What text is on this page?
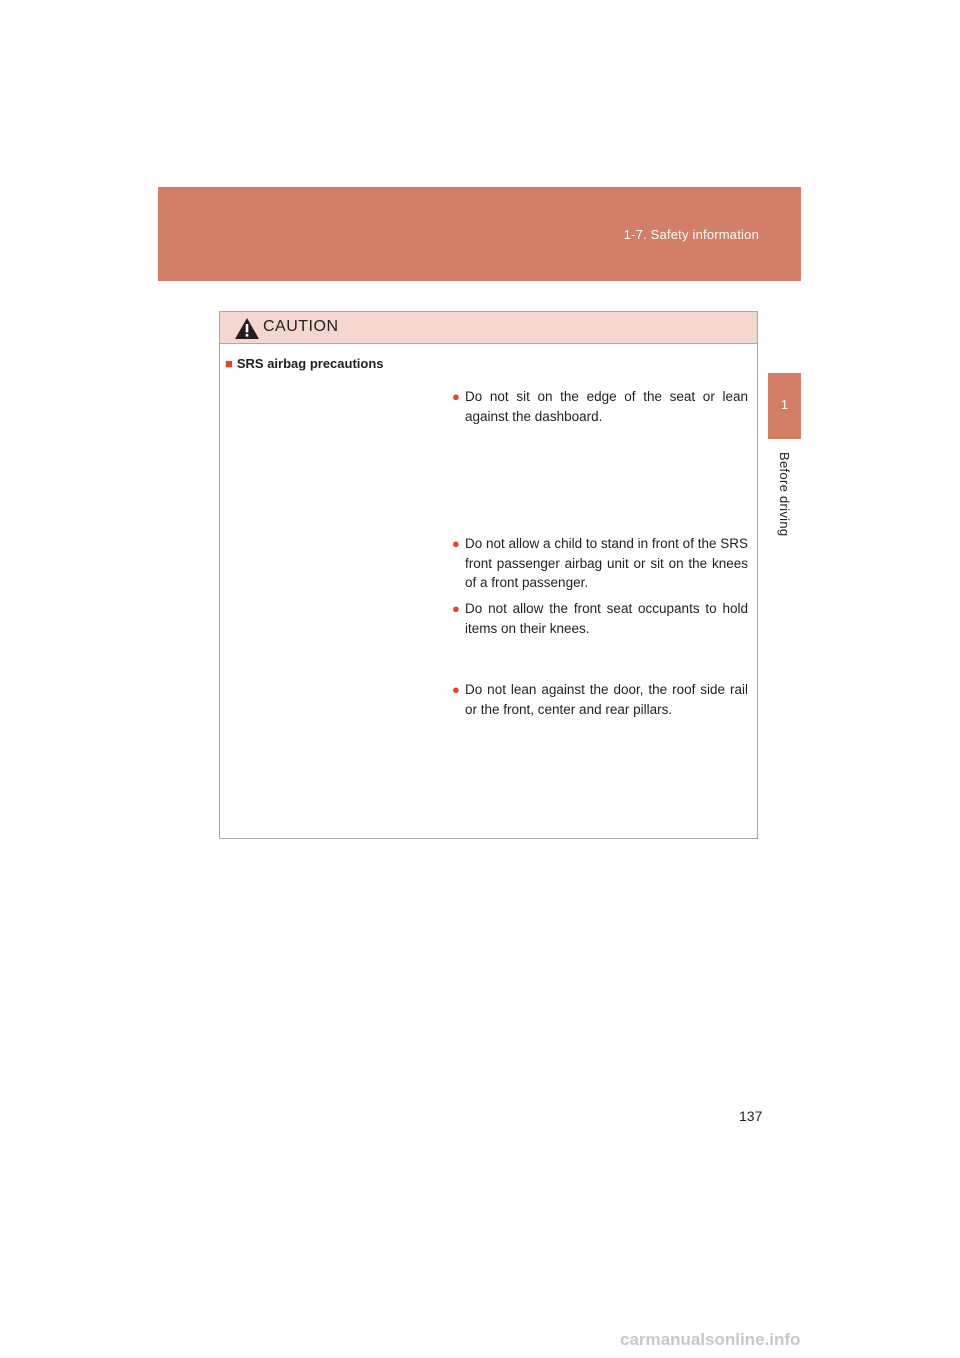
1-7. Safety information
1
Before driving
CAUTION
■ SRS airbag precautions
● Do not sit on the edge of the seat or lean against the dashboard.
● Do not allow a child to stand in front of the SRS front passenger airbag unit or sit on the knees of a front passenger.
● Do not allow the front seat occupants to hold items on their knees.
● Do not lean against the door, the roof side rail or the front, center and rear pillars.
137
carmanualsonline.info
